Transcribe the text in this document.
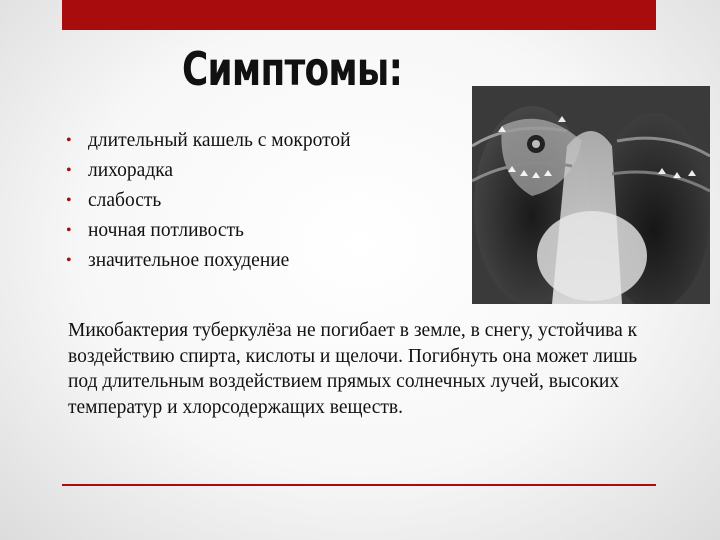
Симптомы:
• длительный кашель с мокротой
• лихорадка
• слабость
• ночная потливость
• значительное похудение

Микобактерия туберкулёза не погибает в земле, в снегу, устойчива к воздействию спирта, кислоты и щелочи. Погибнуть она может лишь под длительным воздействием прямых солнечных лучей, высоких температур и хлорсодержащих веществ.
